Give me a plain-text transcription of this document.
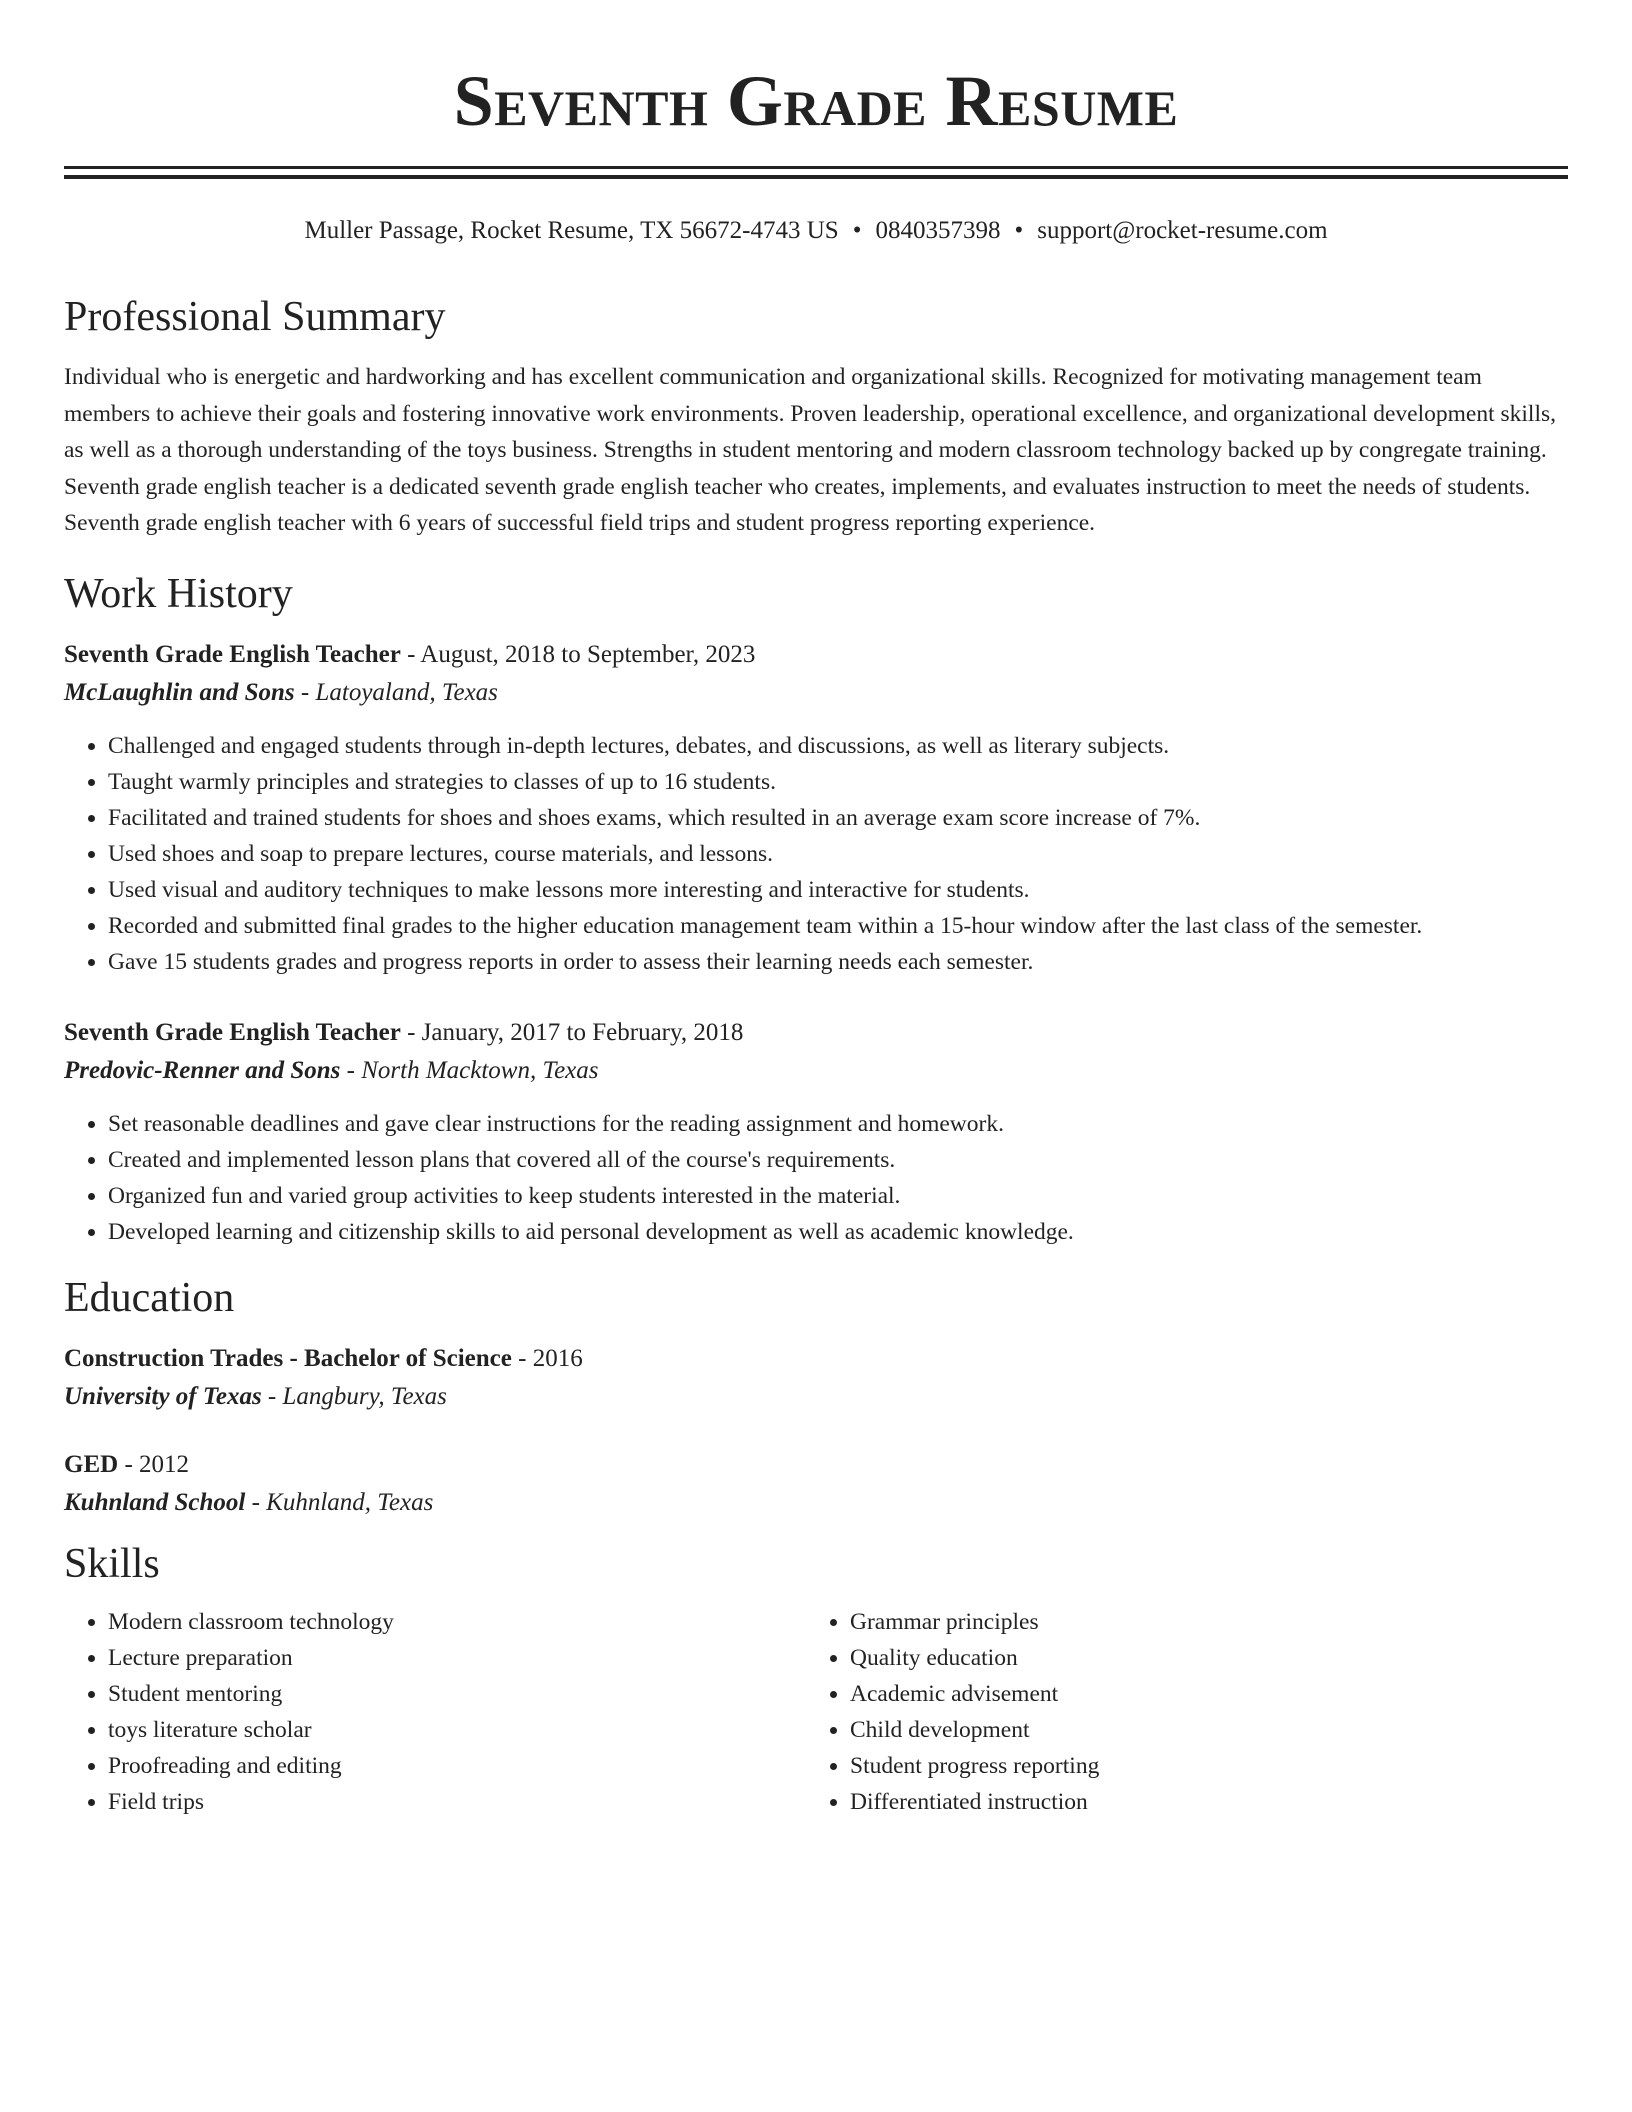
Seventh Grade Resume
Muller Passage, Rocket Resume, TX 56672-4743 US • 0840357398 • support@rocket-resume.com
Professional Summary

Individual who is energetic and hardworking and has excellent communication and organizational skills. Recognized for motivating management team members to achieve their goals and fostering innovative work environments. Proven leadership, operational excellence, and organizational development skills, as well as a thorough understanding of the toys business. Strengths in student mentoring and modern classroom technology backed up by congregate training. Seventh grade english teacher is a dedicated seventh grade english teacher who creates, implements, and evaluates instruction to meet the needs of students. Seventh grade english teacher with 6 years of successful field trips and student progress reporting experience.

Work History
Seventh Grade English Teacher - August, 2018 to September, 2023
McLaughlin and Sons - Latoyaland, Texas
• Challenged and engaged students through in-depth lectures, debates, and discussions, as well as literary subjects.
• Taught warmly principles and strategies to classes of up to 16 students.
• Facilitated and trained students for shoes and shoes exams, which resulted in an average exam score increase of 7%.
• Used shoes and soap to prepare lectures, course materials, and lessons.
• Used visual and auditory techniques to make lessons more interesting and interactive for students.
• Recorded and submitted final grades to the higher education management team within a 15-hour window after the last class of the semester.
• Gave 15 students grades and progress reports in order to assess their learning needs each semester.
Seventh Grade English Teacher - January, 2017 to February, 2018
Predovic-Renner and Sons - North Macktown, Texas
• Set reasonable deadlines and gave clear instructions for the reading assignment and homework.
• Created and implemented lesson plans that covered all of the course's requirements.
• Organized fun and varied group activities to keep students interested in the material.
• Developed learning and citizenship skills to aid personal development as well as academic knowledge.
Education
Construction Trades - Bachelor of Science - 2016
University of Texas - Langbury, Texas
GED - 2012
Kuhnland School - Kuhnland, Texas
Skills
• Modern classroom technology
• Lecture preparation
• Student mentoring
• toys literature scholar
• Proofreading and editing
• Field trips
• Grammar principles
• Quality education
• Academic advisement
• Child development
• Student progress reporting
• Differentiated instruction
